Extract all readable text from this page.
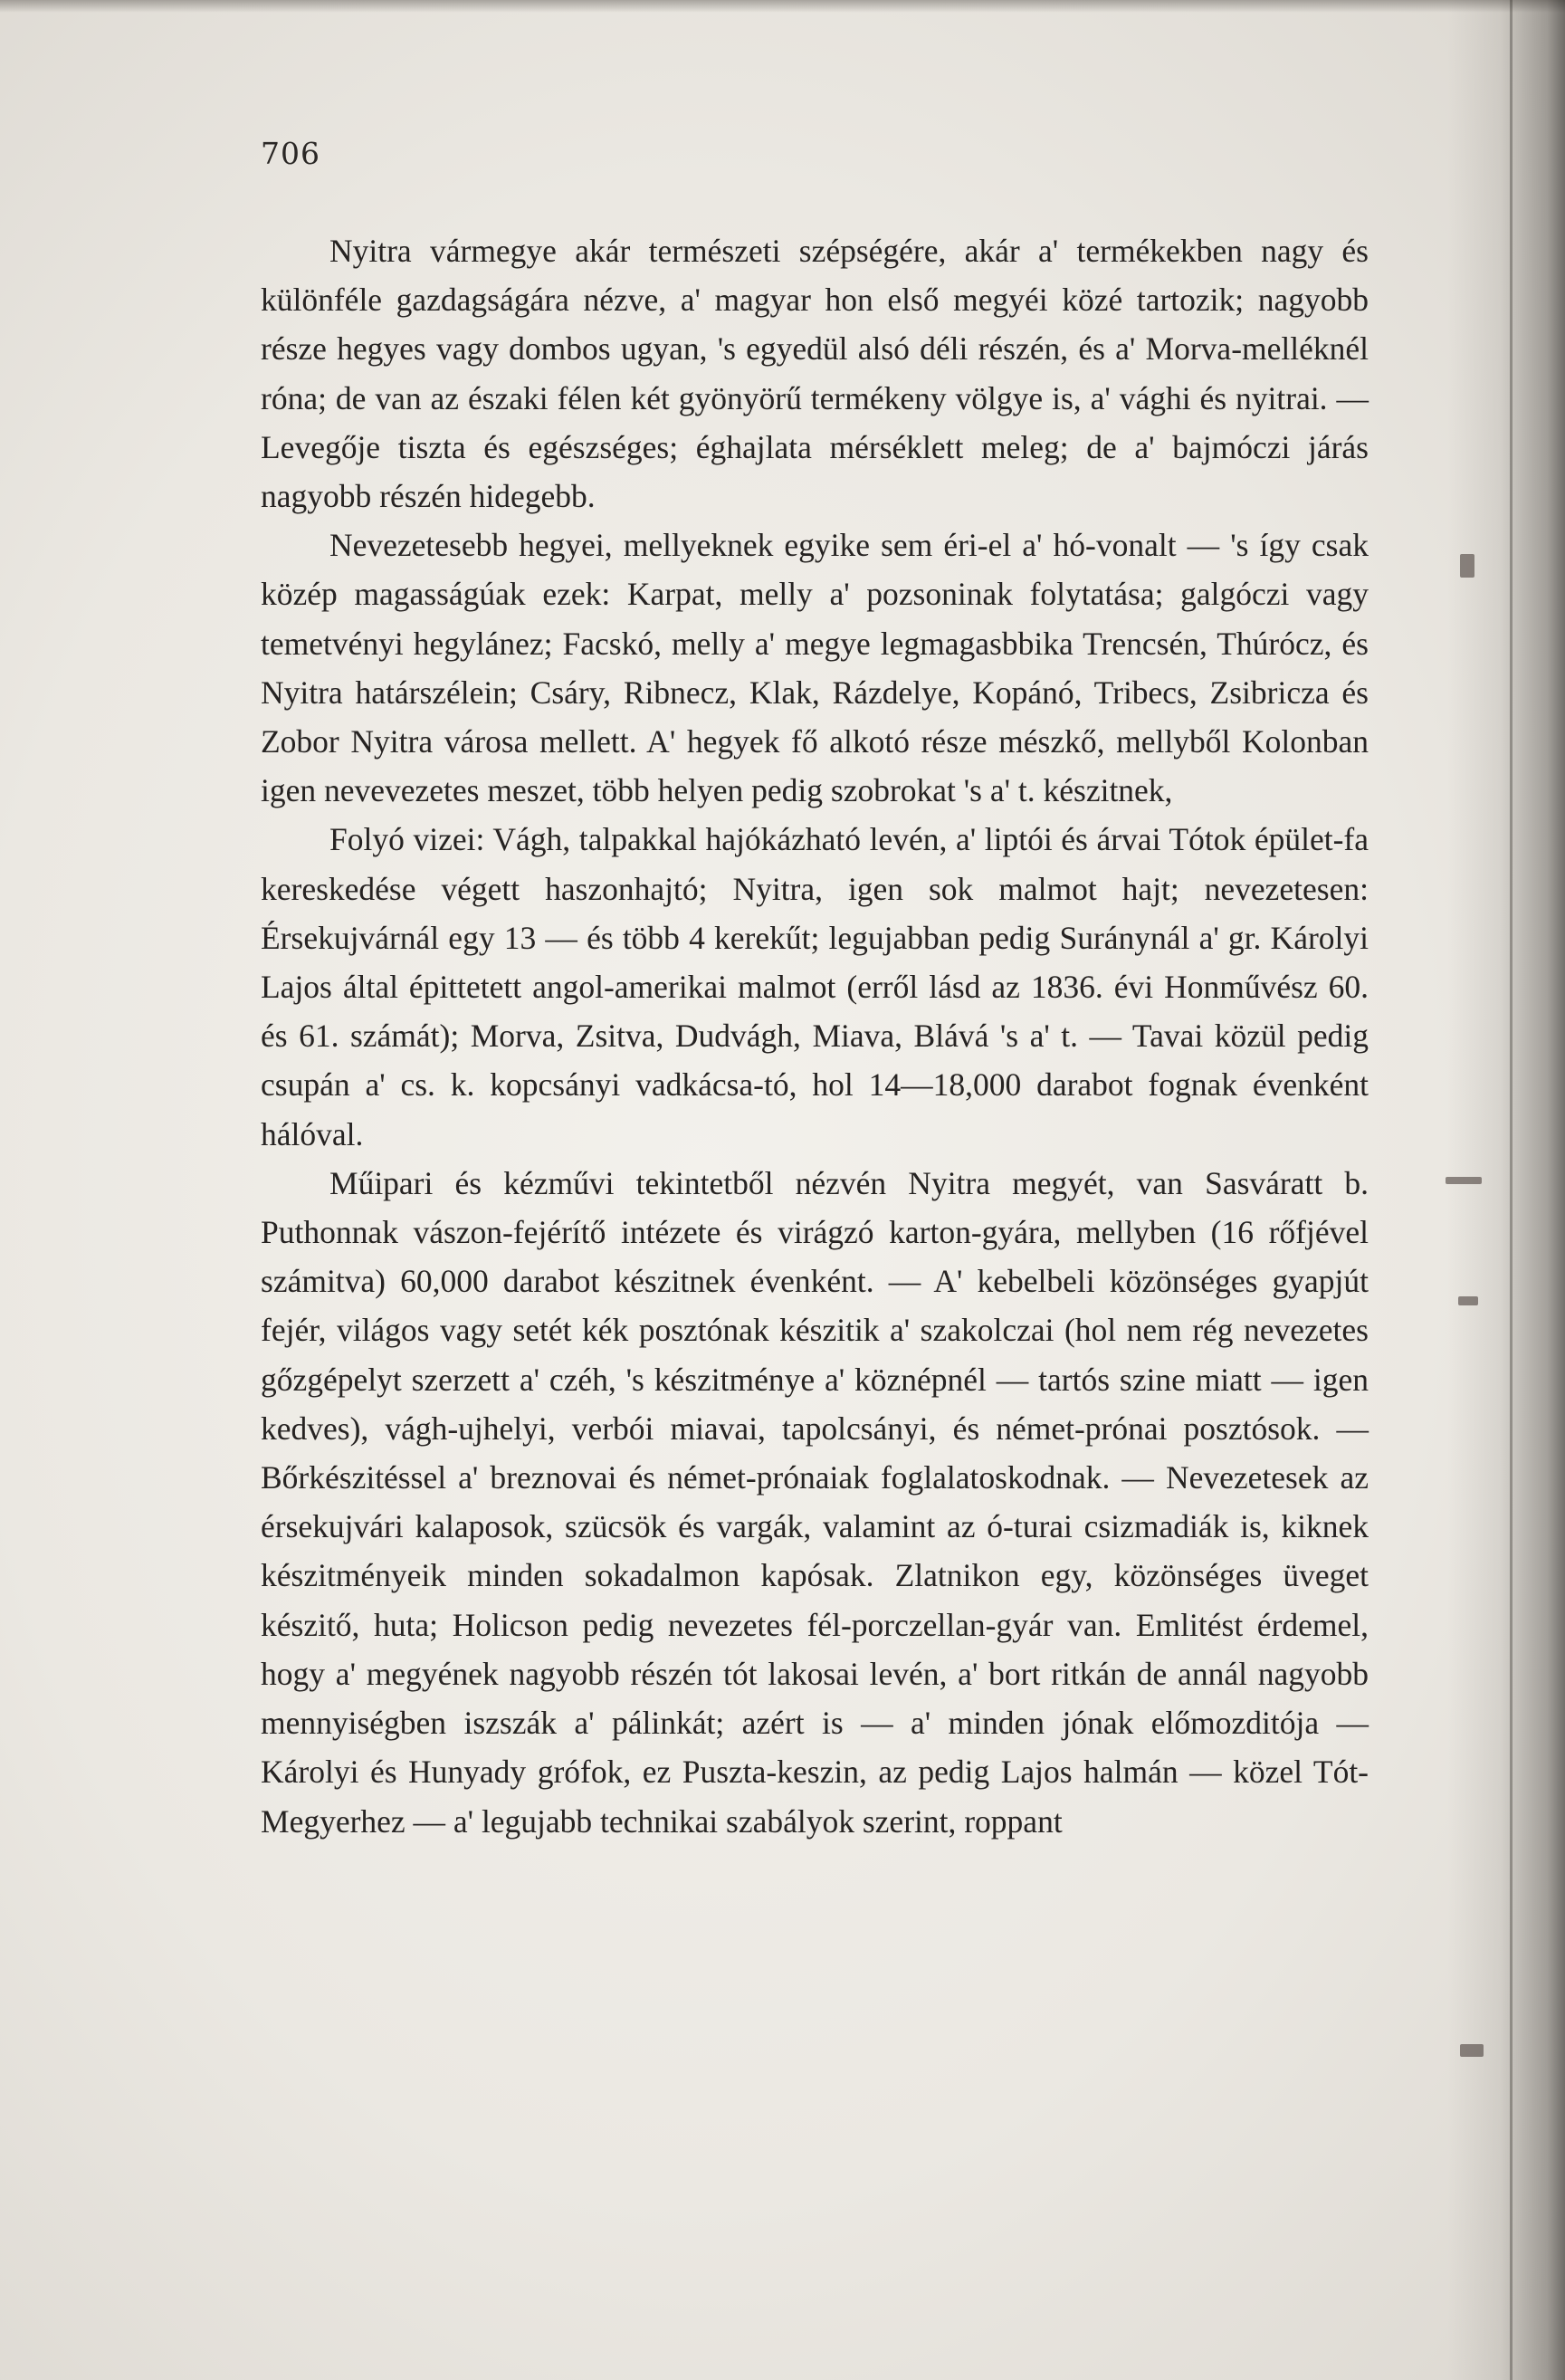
706

Nyitra vármegye akár természeti szépségére, akár a' termékekben nagy és különféle gazdagságára nézve, a' magyar hon első megyéi közé tartozik; nagyobb része hegyes vagy dombos ugyan, 's egyedül alsó déli részén, és a' Morva-melléknél róna; de van az északi félen két gyönyörű termékeny völgye is, a' vághi és nyitrai. — Levegője tiszta és egészséges; éghajlata mérséklett meleg; de a' bajmóczi járás nagyobb részén hidegebb.

Nevezetesebb hegyei, mellyeknek egyike sem éri-el a' hó-vonalt — 's így csak közép magasságúak ezek: Karpat, melly a' pozsoninak folytatása; galgóczi vagy temetvényi hegylánez; Facskó, melly a' megye legmagasbbika Trencsén, Thúrócz, és Nyitra határszélein; Csáry, Ribnecz, Klak, Rázdelye, Kopánó, Tribecs, Zsibricza és Zobor Nyitra városa mellett. A' hegyek fő alkotó része mészkő, mellyből Kolonban igen nevevezetes meszet, több helyen pedig szobrokat 's a' t. készitnek,

Folyó vizei: Vágh, talpakkal hajókázható levén, a' liptói és árvai Tótok épület-fa kereskedése végett haszonhajtó; Nyitra, igen sok malmot hajt; nevezetesen: Érsekujvárnál egy 13 — és több 4 kerekűt; legujabban pedig Suránynál a' gr. Károlyi Lajos által épittetett angol-amerikai malmot (erről lásd az 1836. évi Honművész 60. és 61. számát); Morva, Zsitva, Dudvágh, Miava, Blává 's a' t. — Tavai közül pedig csupán a' cs. k. kopcsányi vadkácsa-tó, hol 14—18,000 darabot fognak évenként hálóval.

Műipari és kézművi tekintetből nézvén Nyitra megyét, van Sasváratt b. Puthonnak vászon-fejérítő intézete és virágzó karton-gyára, mellyben (16 rőfjével számitva) 60,000 darabot készitnek évenként. — A' kebelbeli közönséges gyapjút fejér, világos vagy setét kék posztónak készitik a' szakolczai (hol nem rég nevezetes gőzgépelyt szerzett a' czéh, 's készitménye a' köznépnél — tartós szine miatt — igen kedves), vágh-ujhelyi, verbói miavai, tapolcsányi, és német-prónai posztósok. — Bőrkészitéssel a' breznovai és német-prónaiak foglalatoskodnak. — Nevezetesek az érsekujvári kalaposok, szücsök és vargák, valamint az ó-turai csizmadiák is, kiknek készitményeik minden sokadalmon kapósak. Zlatnikon egy, közönséges üveget készitő, huta; Holicson pedig nevezetes fél-porczellan-gyár van. Emlitést érdemel, hogy a' megyének nagyobb részén tót lakosai levén, a' bort ritkán de annál nagyobb mennyiségben iszszák a' pálinkát; azért is — a' minden jónak előmozditója — Károlyi és Hunyady grófok, ez Puszta-keszin, az pedig Lajos halmán — közel Tót-Megyerhez — a' legujabb technikai szabályok szerint, roppant
